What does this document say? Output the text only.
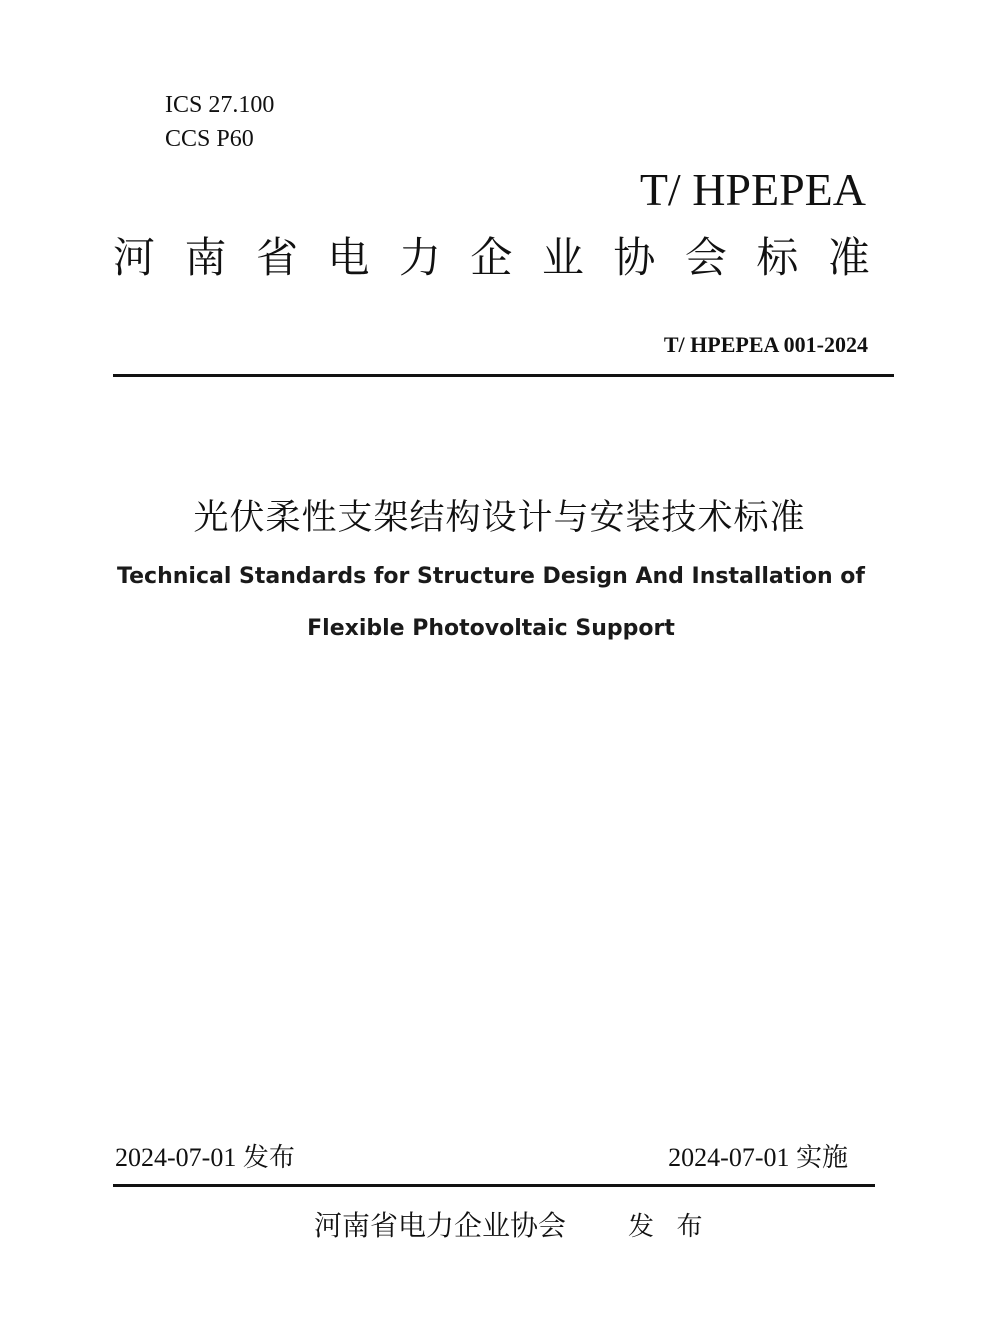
ICS 27.100
CCS P60
T/ HPEPEA
河 南 省 电 力 企 业 协 会 标 准
T/ HPEPEA 001-2024
光伏柔性支架结构设计与安装技术标准
Technical Standards for Structure Design And Installation of
Flexible Photovoltaic Support
2024-07-01 发布	2024-07-01 实施
河南省电力企业协会 发 布
